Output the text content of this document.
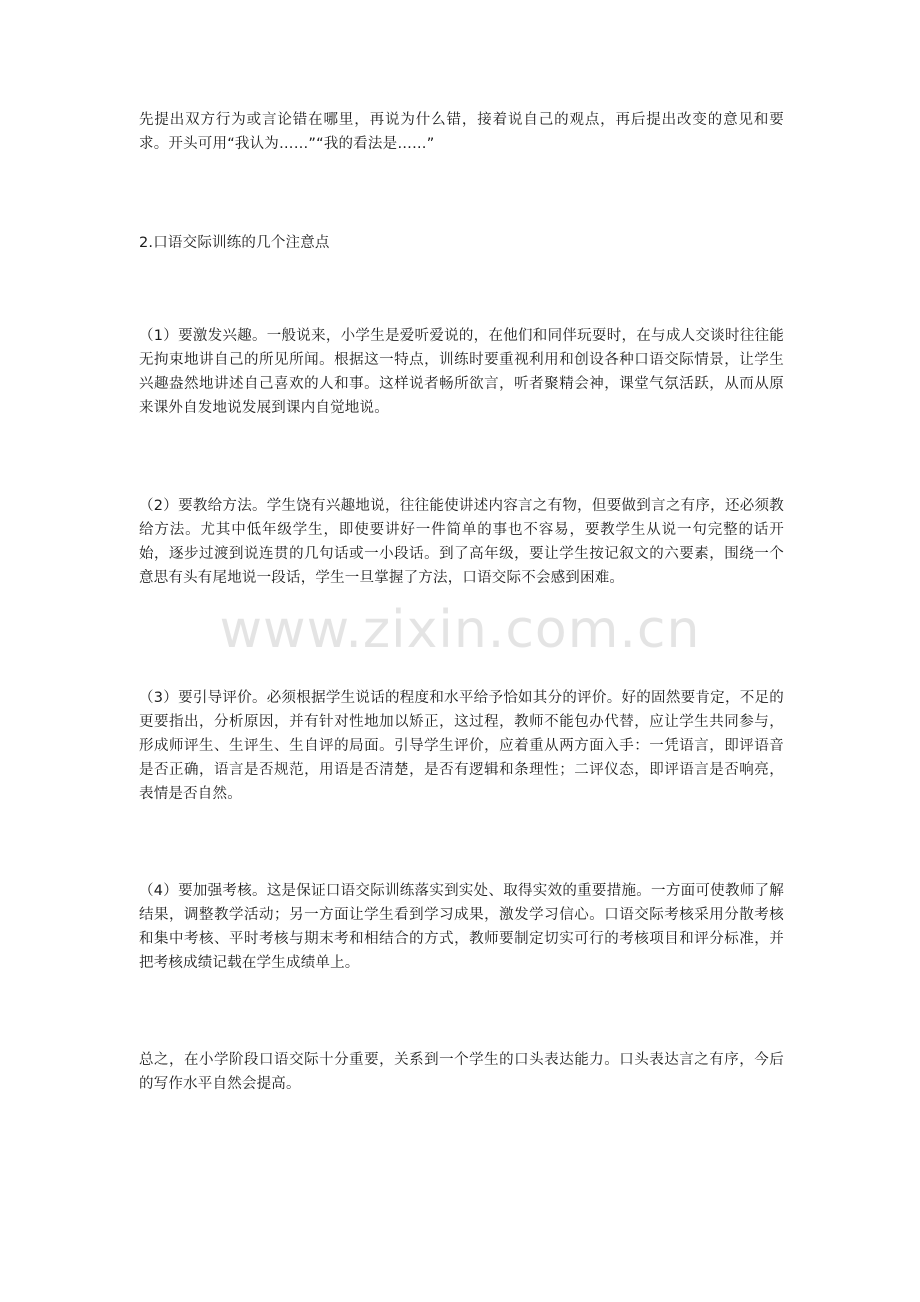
先提出双方行为或言论错在哪里，再说为什么错，接着说自己的观点，再后提出改变的意见和要求。开头可用“我认为……”“我的看法是……”

2.口语交际训练的几个注意点

（1）要激发兴趣。一般说来，小学生是爱听爱说的，在他们和同伴玩耍时，在与成人交谈时往往能无拘束地讲自己的所见所闻。根据这一特点，训练时要重视利用和创设各种口语交际情景，让学生兴趣盎然地讲述自己喜欢的人和事。这样说者畅所欲言，听者聚精会神，课堂气氛活跃，从而从原来课外自发地说发展到课内自觉地说。

（2）要教给方法。学生饶有兴趣地说，往往能使讲述内容言之有物，但要做到言之有序，还必须教给方法。尤其中低年级学生，即使要讲好一件简单的事也不容易，要教学生从说一句完整的话开始，逐步过渡到说连贯的几句话或一小段话。到了高年级，要让学生按记叙文的六要素，围绕一个意思有头有尾地说一段话，学生一旦掌握了方法，口语交际不会感到困难。

（3）要引导评价。必须根据学生说话的程度和水平给予恰如其分的评价。好的固然要肯定，不足的更要指出，分析原因，并有针对性地加以矫正，这过程，教师不能包办代替，应让学生共同参与，形成师评生、生评生、生自评的局面。引导学生评价，应着重从两方面入手：一凭语言，即评语音是否正确，语言是否规范，用语是否清楚，是否有逻辑和条理性；二评仪态，即评语言是否响亮，表情是否自然。

（4）要加强考核。这是保证口语交际训练落实到实处、取得实效的重要措施。一方面可使教师了解结果，调整教学活动；另一方面让学生看到学习成果，激发学习信心。口语交际考核采用分散考核和集中考核、平时考核与期末考和相结合的方式，教师要制定切实可行的考核项目和评分标准，并把考核成绩记载在学生成绩单上。

总之，在小学阶段口语交际十分重要，关系到一个学生的口头表达能力。口头表达言之有序，今后的写作水平自然会提高。

www.zixin.com.cn
